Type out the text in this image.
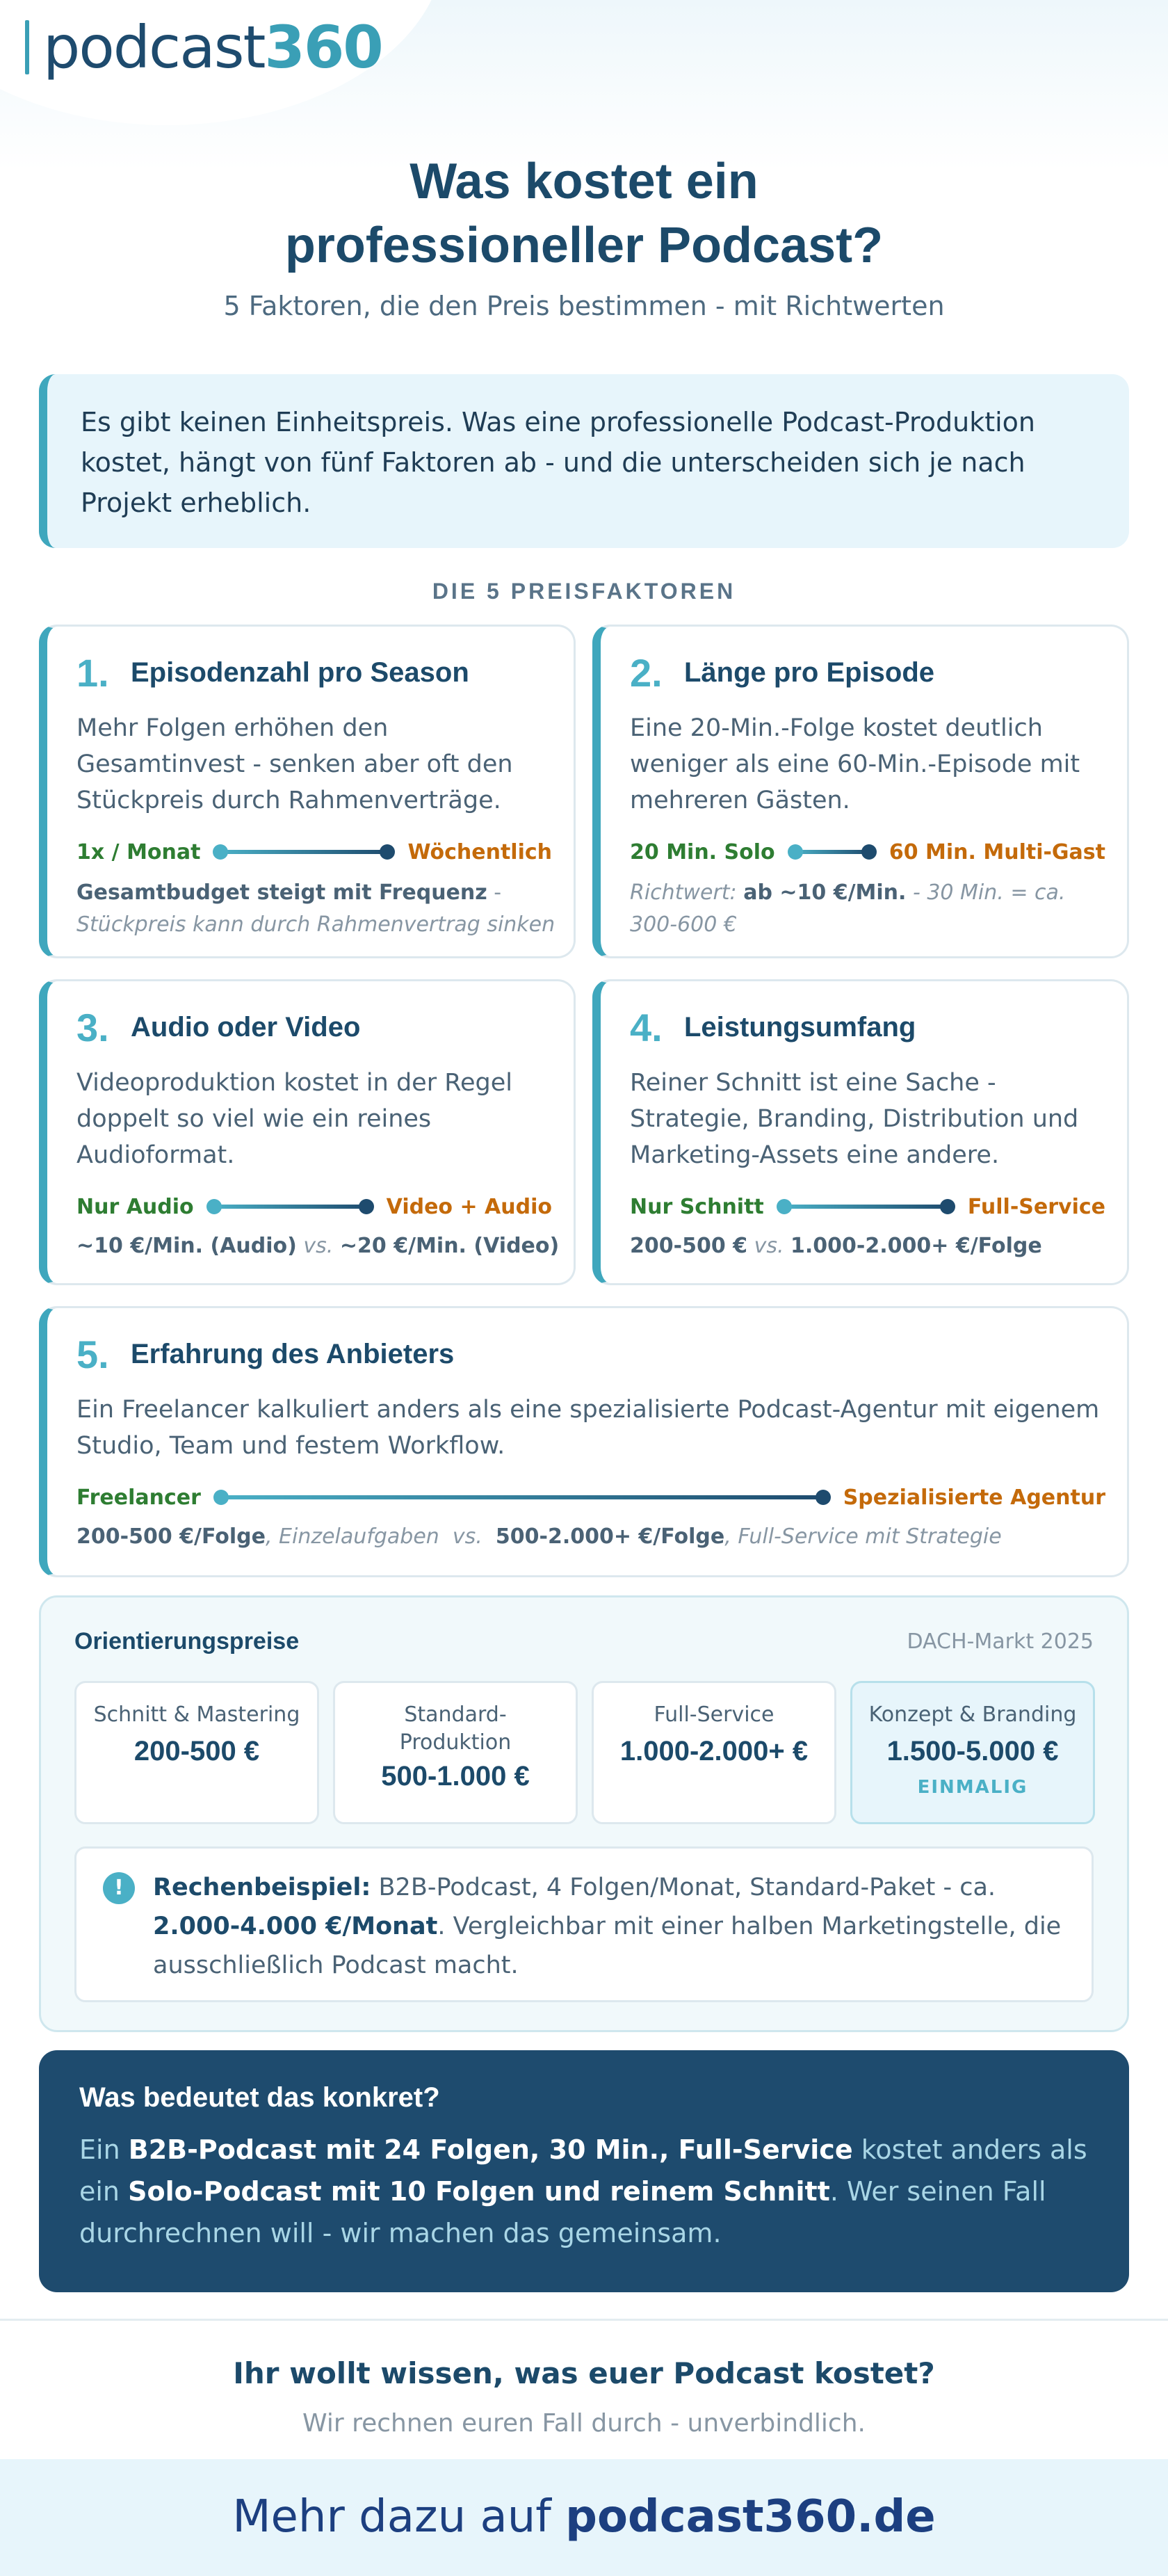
podcast360
Was kostet ein
professioneller Podcast?
5 Faktoren, die den Preis bestimmen - mit Richtwerten
Es gibt keinen Einheitspreis. Was eine professionelle Podcast-Produktion kostet, hängt von fünf Faktoren ab - und die unterscheiden sich je nach Projekt erheblich.
DIE 5 PREISFAKTOREN
1. Episodenzahl pro Season
Mehr Folgen erhöhen den Gesamtinvest - senken aber oft den Stückpreis durch Rahmenverträge.
1x / Monat	Wöchentlich
Gesamtbudget steigt mit Frequenz -
Stückpreis kann durch Rahmenvertrag sinken
2. Länge pro Episode
Eine 20-Min.-Folge kostet deutlich weniger als eine 60-Min.-Episode mit mehreren Gästen.
20 Min. Solo	60 Min. Multi-Gast
Richtwert: ab ~10 €/Min. - 30 Min. = ca. 300-600 €
3. Audio oder Video
Videoproduktion kostet in der Regel doppelt so viel wie ein reines Audioformat.
Nur Audio	Video + Audio
~10 €/Min. (Audio) vs. ~20 €/Min. (Video)
4. Leistungsumfang
Reiner Schnitt ist eine Sache - Strategie, Branding, Distribution und Marketing-Assets eine andere.
Nur Schnitt	Full-Service
200-500 € vs. 1.000-2.000+ €/Folge
5. Erfahrung des Anbieters
Ein Freelancer kalkuliert anders als eine spezialisierte Podcast-Agentur mit eigenem Studio, Team und festem Workflow.
Freelancer	Spezialisierte Agentur
200-500 €/Folge, Einzelaufgaben vs. 500-2.000+ €/Folge, Full-Service mit Strategie
Orientierungspreise	DACH-Markt 2025
Schnitt & Mastering
200-500 €
Standard-Produktion
500-1.000 €
Full-Service
1.000-2.000+ €
Konzept & Branding
1.500-5.000 €
EINMALIG
!	Rechenbeispiel: B2B-Podcast, 4 Folgen/Monat, Standard-Paket - ca. 2.000-4.000 €/Monat. Vergleichbar mit einer halben Marketingstelle, die ausschließlich Podcast macht.
Was bedeutet das konkret?
Ein B2B-Podcast mit 24 Folgen, 30 Min., Full-Service kostet anders als ein Solo-Podcast mit 10 Folgen und reinem Schnitt. Wer seinen Fall durchrechnen will - wir machen das gemeinsam.
Ihr wollt wissen, was euer Podcast kostet?
Wir rechnen euren Fall durch - unverbindlich.
Mehr dazu auf podcast360.de
